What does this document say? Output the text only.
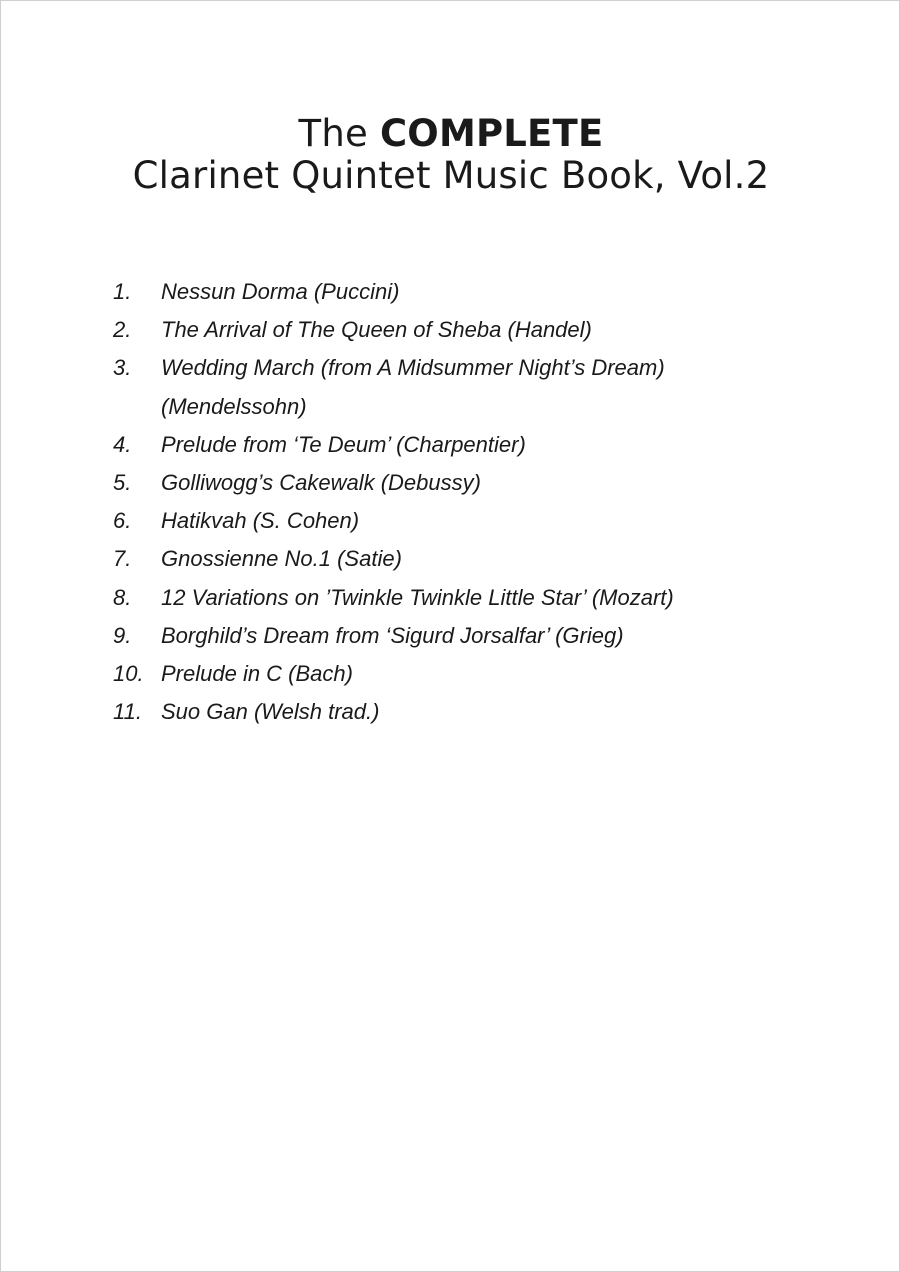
The COMPLETE
Clarinet Quintet Music Book, Vol.2
1.	Nessun Dorma (Puccini)
2.	The Arrival of The Queen of Sheba (Handel)
3.	Wedding March (from A Midsummer Night’s Dream)
(Mendelssohn)
4.	Prelude from ‘Te Deum’ (Charpentier)
5.	Golliwogg’s Cakewalk (Debussy)
6.	Hatikvah (S. Cohen)
7.	Gnossienne No.1 (Satie)
8.	12 Variations on ’Twinkle Twinkle Little Star’ (Mozart)
9.	Borghild’s Dream from ‘Sigurd Jorsalfar’ (Grieg)
10. Prelude in C (Bach)
11. Suo Gan (Welsh trad.)
